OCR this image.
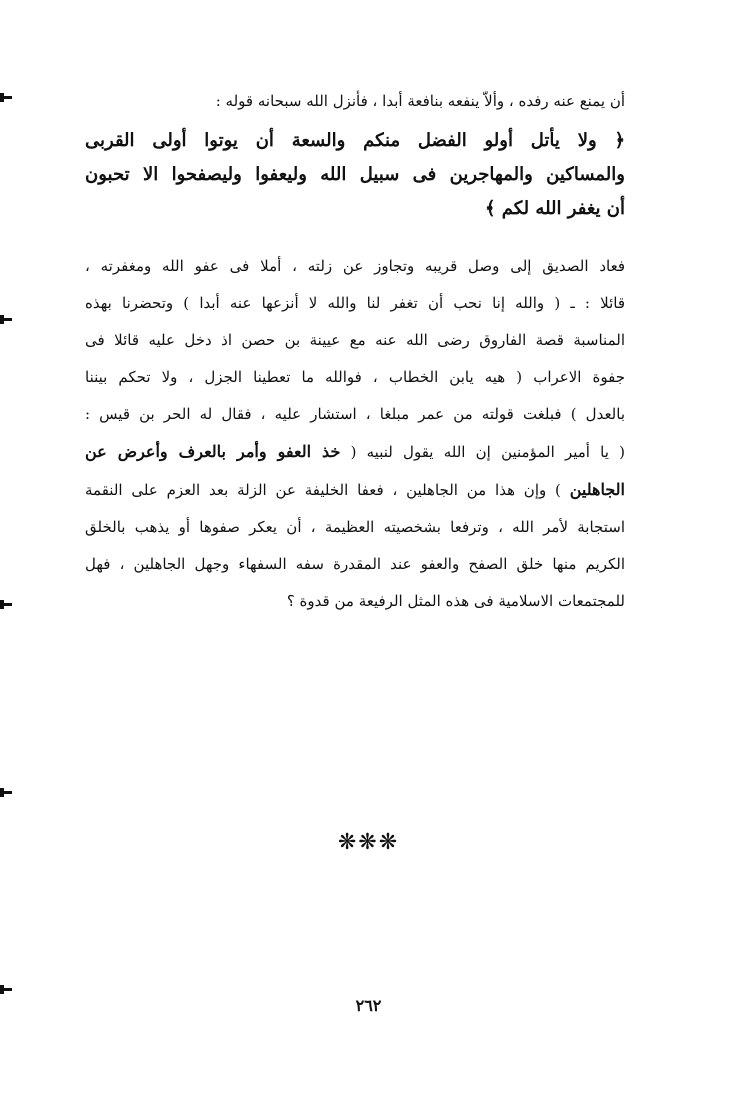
أن يمنع عنه رفده ، وألاّ ينفعه بنافعة أبدا ، فأنزل الله سبحانه قوله :
﴿ ولا يأتل أولو الفضل منكم والسعة أن يوتوا أولى القربى
والمساكين والمهاجرين فى سبيل الله وليعفوا وليصفحوا الا تحبون
أن يغفر الله لكم ﴾
فعاد الصديق إلى وصل قريبه وتجاوز عن زلته ، أملا فى عفو الله ومغفرته ،
قائلا : ـ ( والله إنا نحب أن تغفر لنا والله لا أنزعها عنه أبدا ) وتحضرنا بهذه
المناسبة قصة الفاروق رضى الله عنه مع عيينة بن حصن اذ دخل عليه قائلا فى
جفوة الاعراب ( هيه يابن الخطاب ، فوالله ما تعطينا الجزل ، ولا تحكم بيننا
بالعدل ) فبلغت قولته من عمر مبلغا ، استشار عليه ، فقال له الحر بن قيس :
( يا أمير المؤمنين إن الله يقول لنبيه ( خذ العفو وأمر بالعرف وأعرض عن
الجاهلين ) وإن هذا من الجاهلين ، فعفا الخليفة عن الزلة بعد العزم على النقمة
استجابة لأمر الله ، وترفعا بشخصيته العظيمة ، أن يعكر صفوها أو يذهب بالخلق
الكريم منها خلق الصفح والعفو عند المقدرة سفه السفهاء وجهل الجاهلين ، فهل
للمجتمعات الاسلامية فى هذه المثل الرفيعة من قدوة ؟
❋❋❋
٢٦٢
